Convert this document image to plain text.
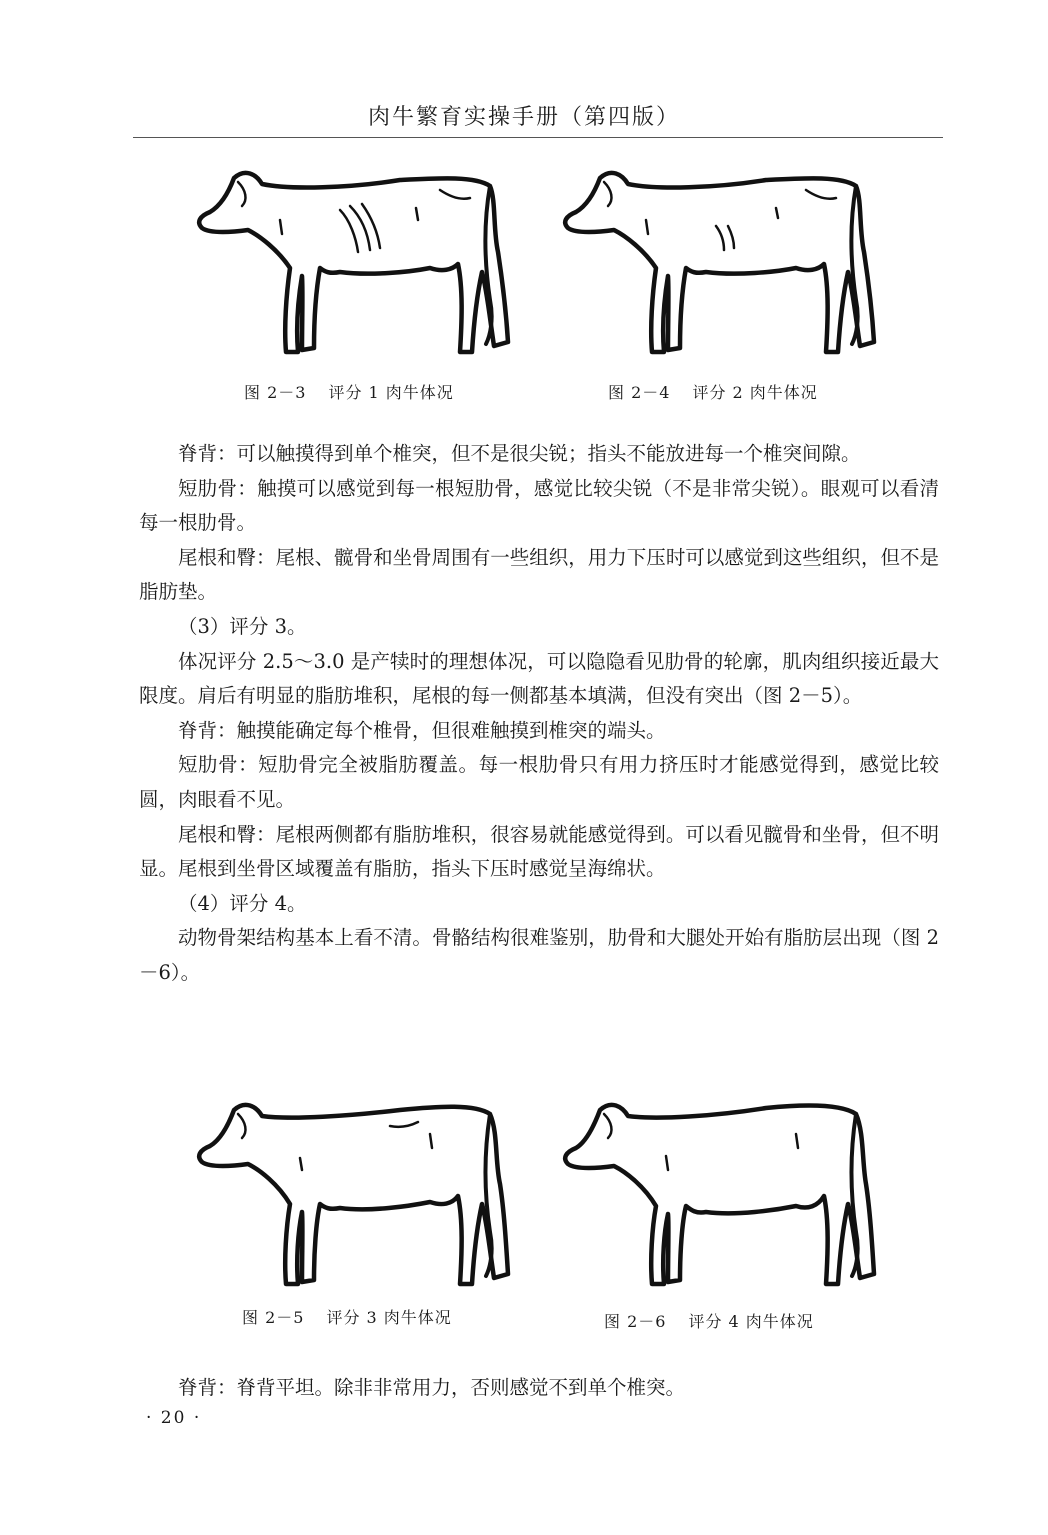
肉牛繁育实操手册（第四版）
图 2－3 评分 1 肉牛体况	图 2－4 评分 2 肉牛体况

脊背：可以触摸得到单个椎突，但不是很尖锐；指头不能放进每一个椎突间隙。

短肋骨：触摸可以感觉到每一根短肋骨，感觉比较尖锐（不是非常尖锐）。眼观可以看清每一根肋骨。

尾根和臀：尾根、髋骨和坐骨周围有一些组织，用力下压时可以感觉到这些组织，但不是脂肪垫。

（3）评分 3。

体况评分 2.5～3.0 是产犊时的理想体况，可以隐隐看见肋骨的轮廓，肌肉组织接近最大限度。肩后有明显的脂肪堆积，尾根的每一侧都基本填满，但没有突出（图 2－5）。

脊背：触摸能确定每个椎骨，但很难触摸到椎突的端头。

短肋骨：短肋骨完全被脂肪覆盖。每一根肋骨只有用力挤压时才能感觉得到，感觉比较圆，肉眼看不见。

尾根和臀：尾根两侧都有脂肪堆积，很容易就能感觉得到。可以看见髋骨和坐骨，但不明显。尾根到坐骨区域覆盖有脂肪，指头下压时感觉呈海绵状。

（4）评分 4。

动物骨架结构基本上看不清。骨骼结构很难鉴别，肋骨和大腿处开始有脂肪层出现（图 2－6）。

图 2－5 评分 3 肉牛体况	图 2－6 评分 4 肉牛体况

脊背：脊背平坦。除非非常用力，否则感觉不到单个椎突。

· 20 ·
